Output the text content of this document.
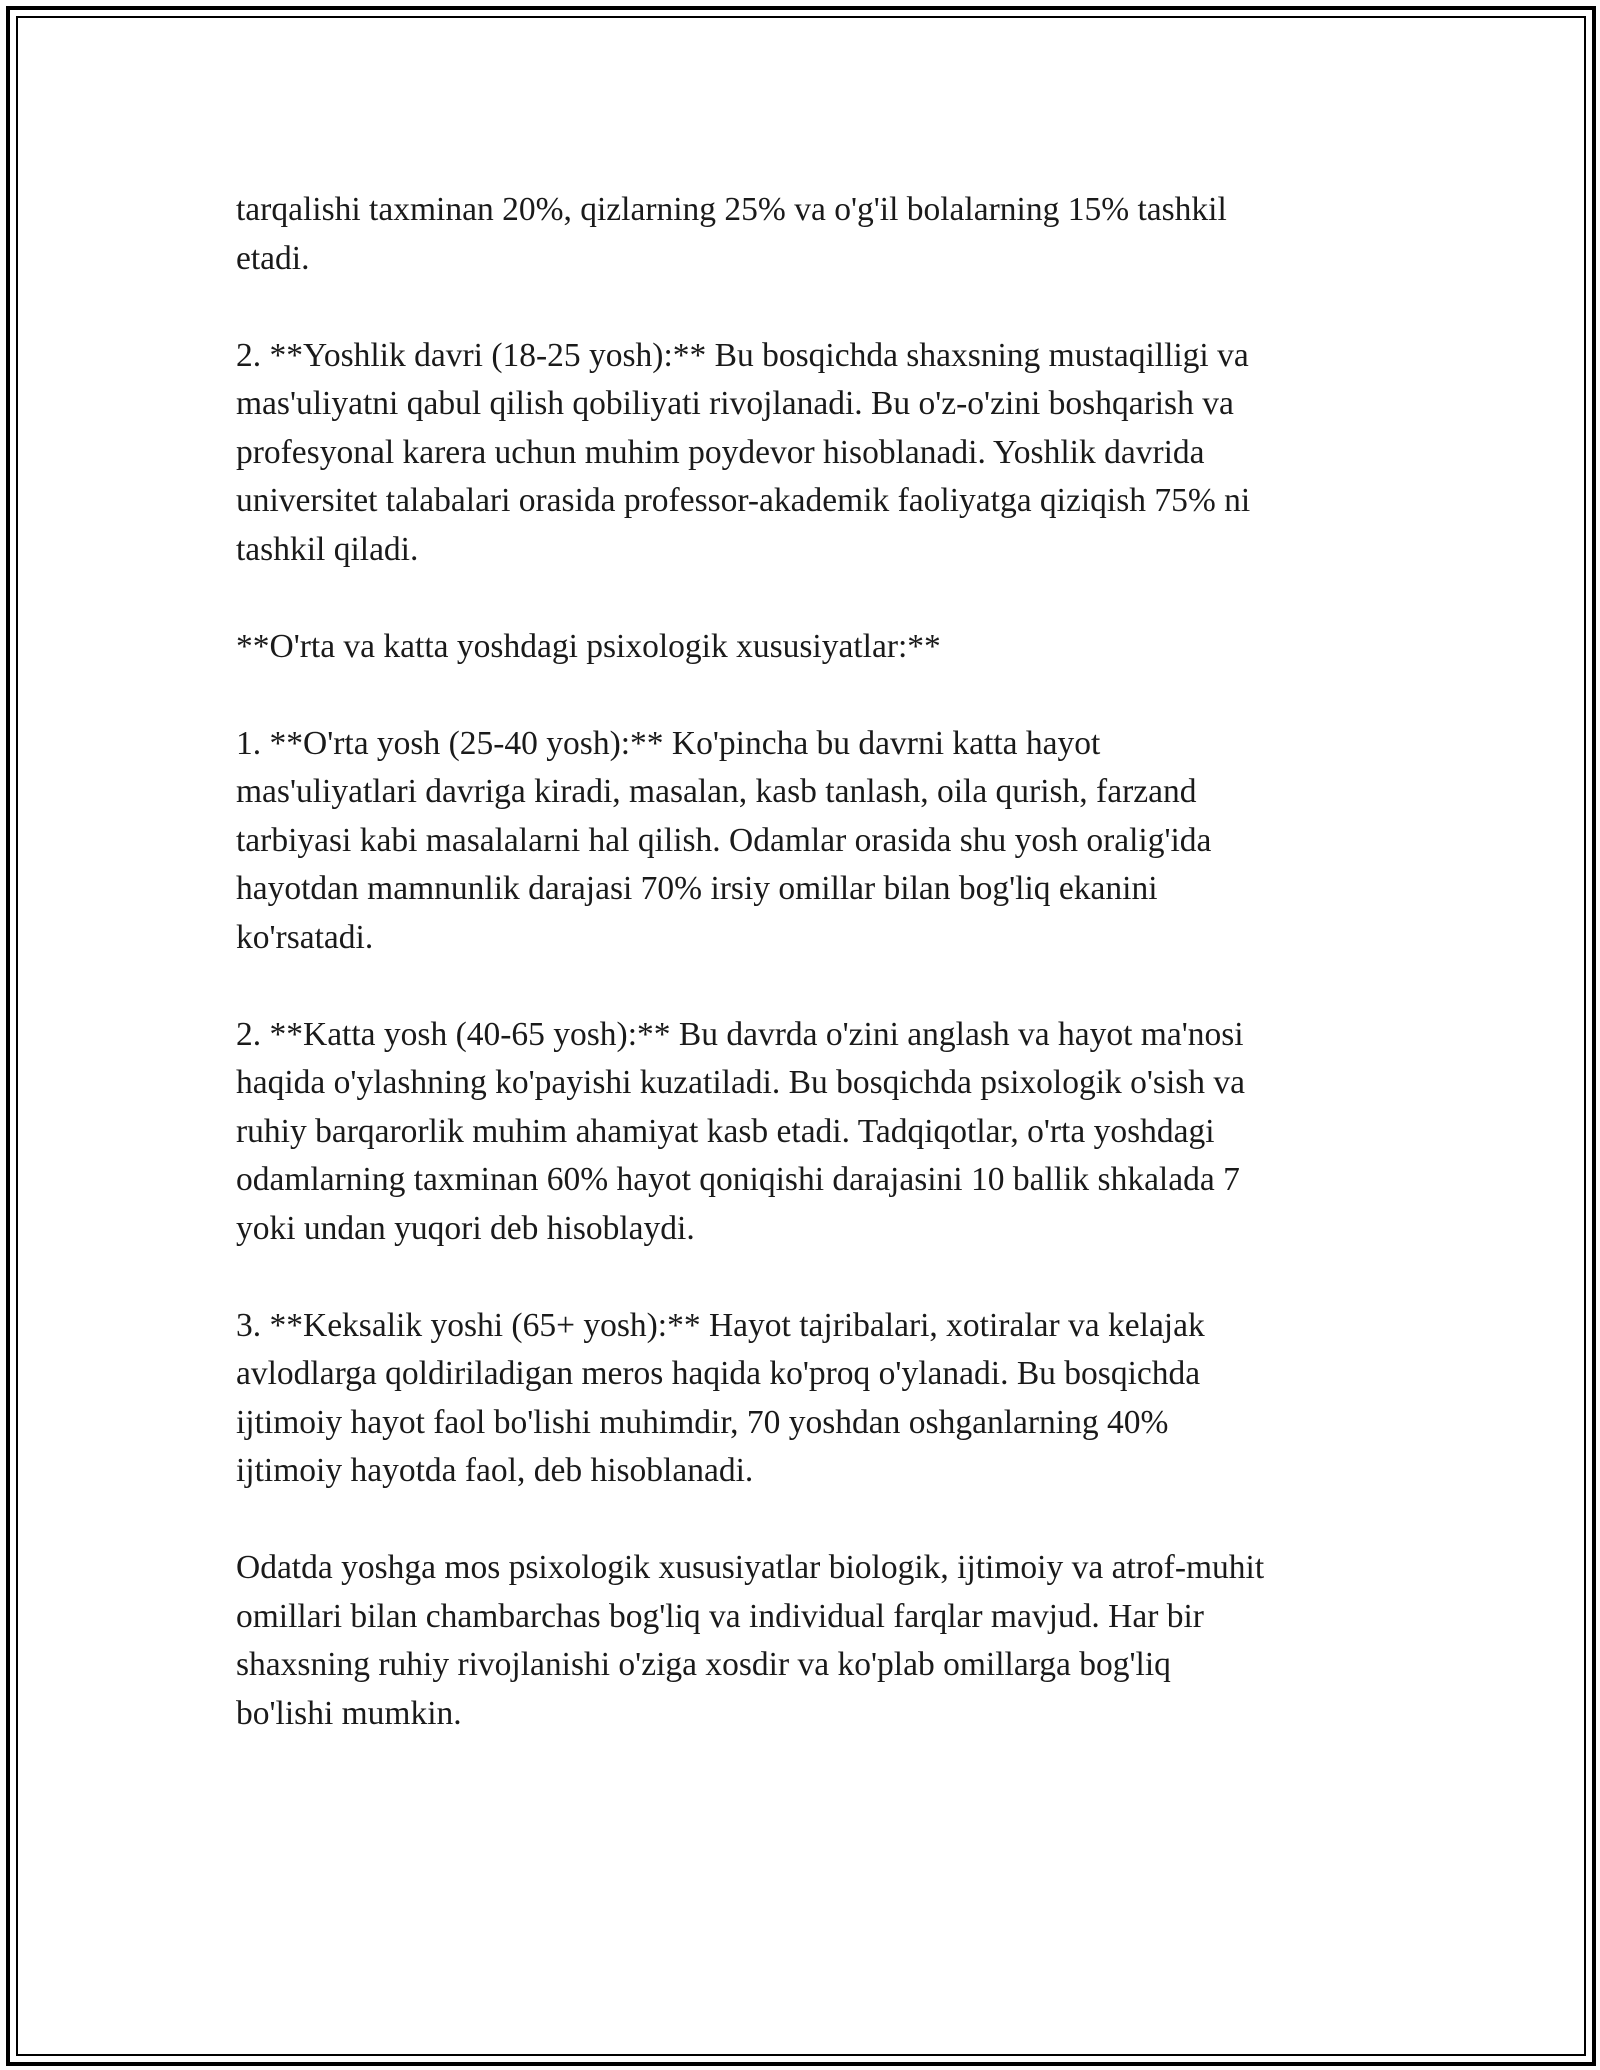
tarqalishi taxminan 20%, qizlarning 25% va o'g'il bolalarning 15% tashkil
etadi.

2. **Yoshlik davri (18-25 yosh):** Bu bosqichda shaxsning mustaqilligi va
mas'uliyatni qabul qilish qobiliyati rivojlanadi. Bu o'z-o'zini boshqarish va
profesyonal karera uchun muhim poydevor hisoblanadi. Yoshlik davrida
universitet talabalari orasida professor-akademik faoliyatga qiziqish 75% ni
tashkil qiladi.

**O'rta va katta yoshdagi psixologik xususiyatlar:**

1. **O'rta yosh (25-40 yosh):** Ko'pincha bu davrni katta hayot
mas'uliyatlari davriga kiradi, masalan, kasb tanlash, oila qurish, farzand
tarbiyasi kabi masalalarni hal qilish. Odamlar orasida shu yosh oralig'ida
hayotdan mamnunlik darajasi 70% irsiy omillar bilan bog'liq ekanini
ko'rsatadi.

2. **Katta yosh (40-65 yosh):** Bu davrda o'zini anglash va hayot ma'nosi
haqida o'ylashning ko'payishi kuzatiladi. Bu bosqichda psixologik o'sish va
ruhiy barqarorlik muhim ahamiyat kasb etadi. Tadqiqotlar, o'rta yoshdagi
odamlarning taxminan 60% hayot qoniqishi darajasini 10 ballik shkalada 7
yoki undan yuqori deb hisoblaydi.

3. **Keksalik yoshi (65+ yosh):** Hayot tajribalari, xotiralar va kelajak
avlodlarga qoldiriladigan meros haqida ko'proq o'ylanadi. Bu bosqichda
ijtimoiy hayot faol bo'lishi muhimdir, 70 yoshdan oshganlarning 40%
ijtimoiy hayotda faol, deb hisoblanadi.

Odatda yoshga mos psixologik xususiyatlar biologik, ijtimoiy va atrof-muhit
omillari bilan chambarchas bog'liq va individual farqlar mavjud. Har bir
shaxsning ruhiy rivojlanishi o'ziga xosdir va ko'plab omillarga bog'liq
bo'lishi mumkin.
